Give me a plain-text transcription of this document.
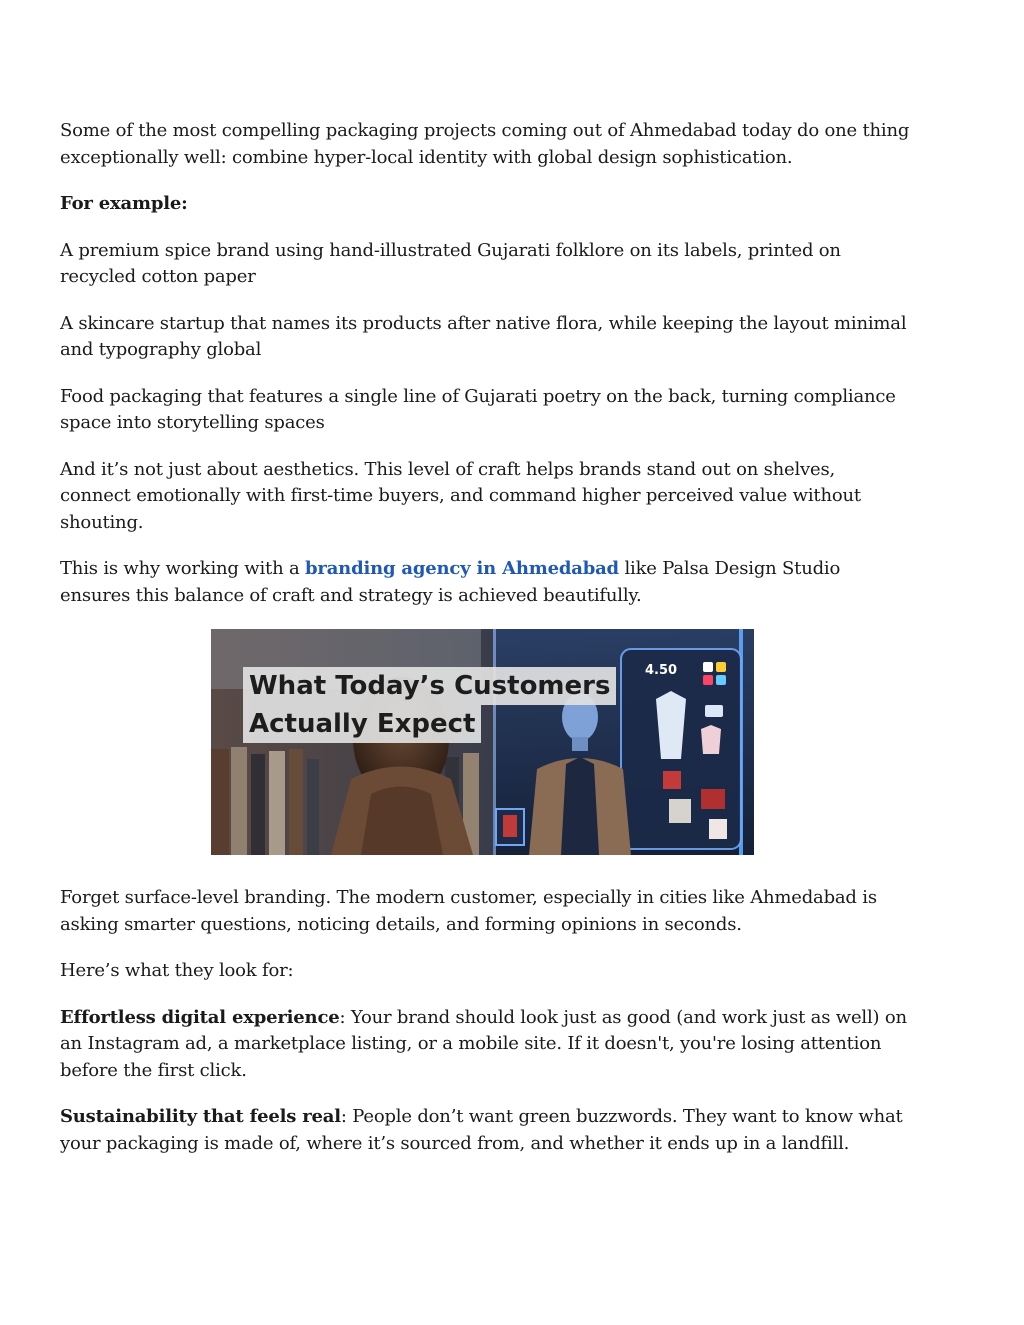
Some of the most compelling packaging projects coming out of Ahmedabad today do one thing exceptionally well: combine hyper-local identity with global design sophistication.

For example:

A premium spice brand using hand-illustrated Gujarati folklore on its labels, printed on recycled cotton paper

A skincare startup that names its products after native flora, while keeping the layout minimal and typography global

Food packaging that features a single line of Gujarati poetry on the back, turning compliance space into storytelling spaces

And it’s not just about aesthetics. This level of craft helps brands stand out on shelves, connect emotionally with first-time buyers, and command higher perceived value without shouting.

This is why working with a branding agency in Ahmedabad like Palsa Design Studio ensures this balance of craft and strategy is achieved beautifully.

What Today’s Customers
Actually Expect
4.50

Forget surface-level branding. The modern customer, especially in cities like Ahmedabad is asking smarter questions, noticing details, and forming opinions in seconds.

Here’s what they look for:

Effortless digital experience: Your brand should look just as good (and work just as well) on an Instagram ad, a marketplace listing, or a mobile site. If it doesn't, you're losing attention before the first click.

Sustainability that feels real: People don’t want green buzzwords. They want to know what your packaging is made of, where it’s sourced from, and whether it ends up in a landfill.
